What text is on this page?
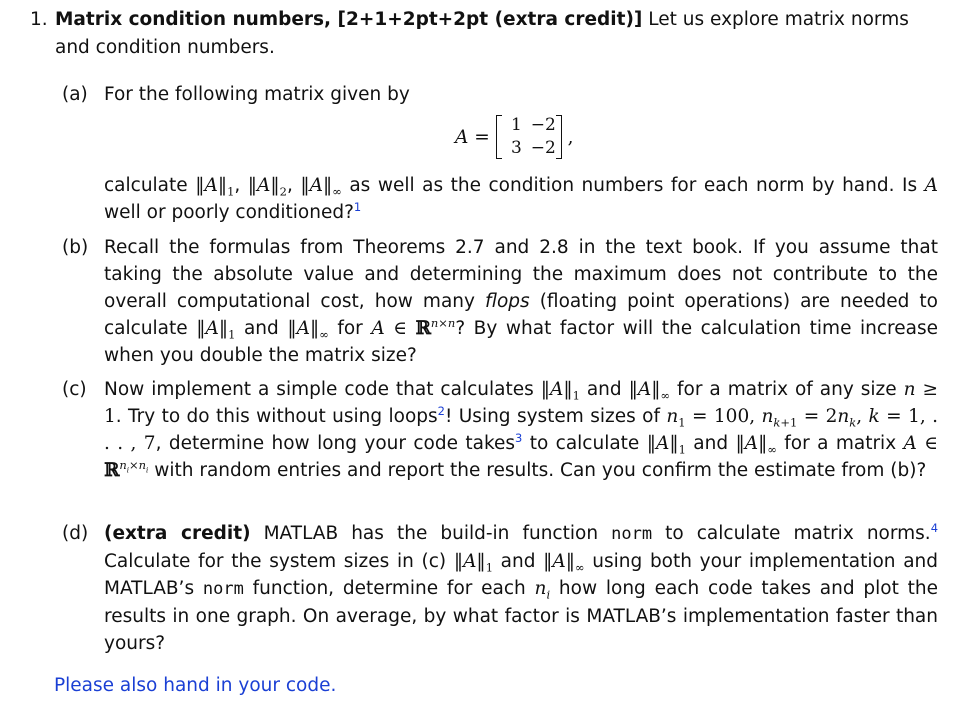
1. Matrix condition numbers, [2+1+2pt+2pt (extra credit)] Let us explore matrix norms and condition numbers.
(a) For the following matrix given by
A =
1 −2
3 −2
,
calculate $‖A‖_1$, $‖A‖_2$, $‖A‖_\infty$ as well as the condition numbers for each norm by hand. Is A well or poorly conditioned?$^1$
(b) Recall the formulas from Theorems 2.7 and 2.8 in the text book. If you assume that taking the absolute value and determining the maximum does not contribute to the overall computational cost, how many flops (floating point operations) are needed to calculate $‖A‖_1$ and $‖A‖_\infty$ for A ∈ ℝ$^{n\times n}$? By what factor will the calculation time increase when you double the matrix size?
(c) Now implement a simple code that calculates $‖A‖_1$ and $‖A‖_\infty$ for a matrix of any size n ≥ 1. Try to do this without using loops$^2$! Using system sizes of $n_1 = 100$, $n_{k+1} = 2n_k$, k = 1, . . . , 7, determine how long your code takes$^3$ to calculate $‖A‖_1$ and $‖A‖_\infty$ for a matrix A ∈ ℝ$^{n_i\times n_i}$ with random entries and report the results. Can you confirm the estimate from (b)?
(d) (extra credit) MATLAB has the build-in function norm to calculate matrix norms.$^4$ Calculate for the system sizes in (c) $‖A‖_1$ and $‖A‖_\infty$ using both your implementation and MATLAB’s norm function, determine for each $n_i$ how long each code takes and plot the results in one graph. On average, by what factor is MATLAB’s implementation faster than yours?
Please also hand in your code.
